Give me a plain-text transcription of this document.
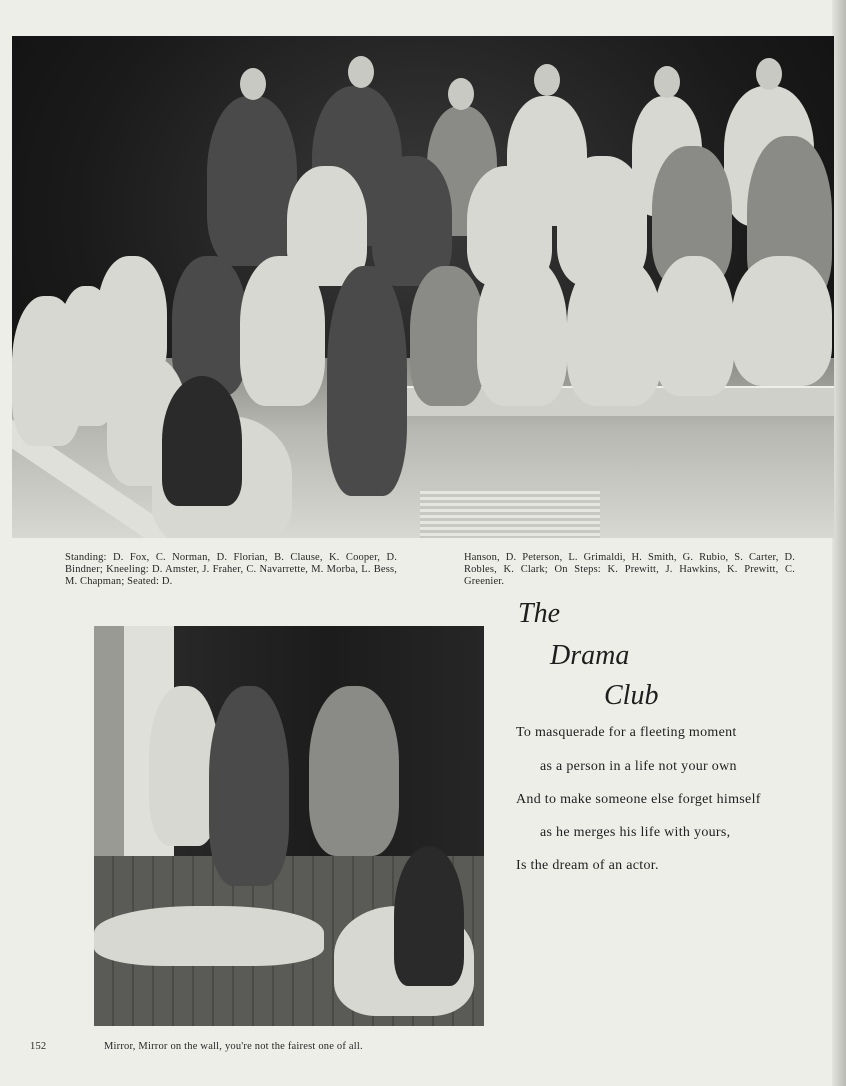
Standing: D. Fox, C. Norman, D. Florian, B. Clause, K. Cooper, D. Bindner; Kneeling: D. Amster, J. Fraher, C. Navarrette, M. Morba, L. Bess, M. Chapman; Seated: D.
Hanson, D. Peterson, L. Grimaldi, H. Smith, G. Rubio, S. Carter, D. Robles, K. Clark; On Steps: K. Prewitt, J. Hawkins, K. Prewitt, C. Greenier.
The
Drama
Club
To masquerade for a fleeting moment
as a person in a life not your own
And to make someone else forget himself
as he merges his life with yours,
Is the dream of an actor.
152	Mirror, Mirror on the wall, you're not the fairest one of all.
